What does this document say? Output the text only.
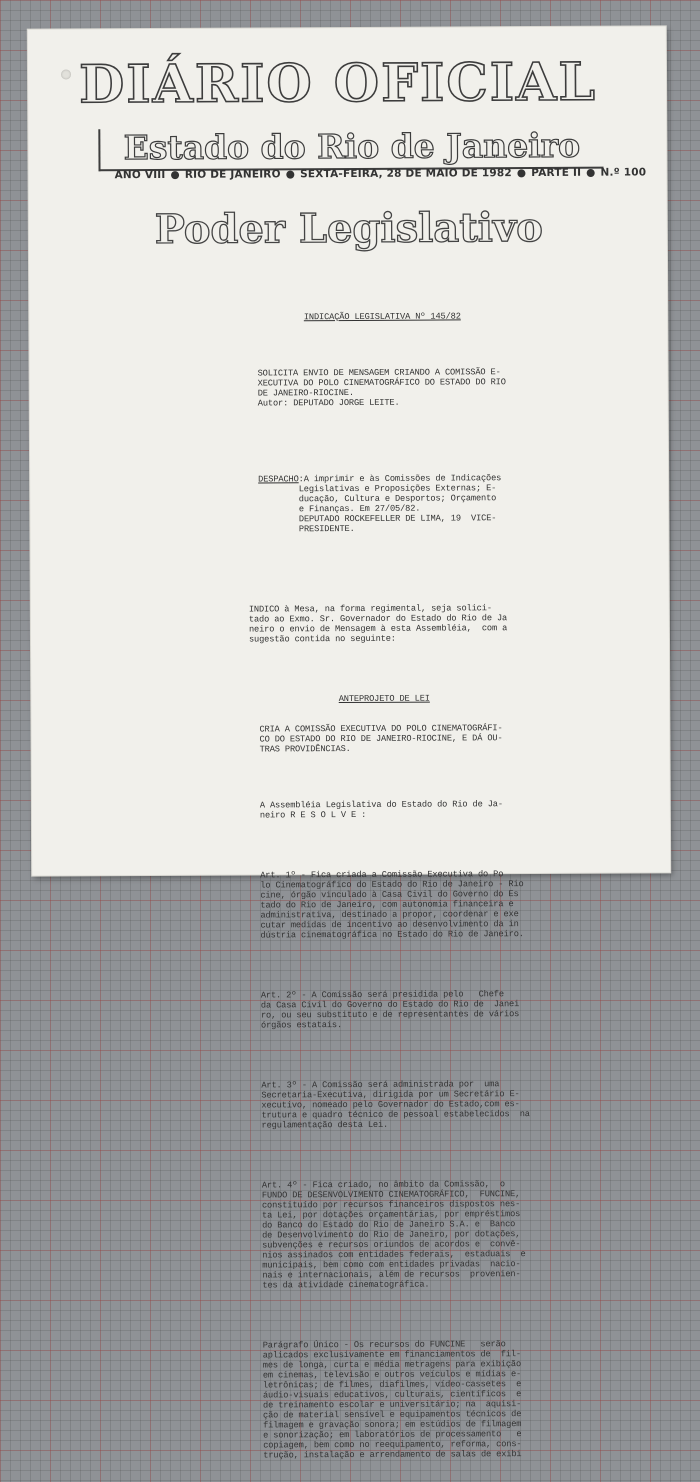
DIÁRIO OFICIAL
Estado do Rio de Janeiro
ANO VIII ● RIO DE JANEIRO ● SEXTA-FEIRA, 28 DE MAIO DE 1982 ● PARTE II ● N.º 100
Poder Legislativo

INDICAÇÃO LEGISLATIVA Nº 145/82

SOLICITA ENVIO DE MENSAGEM CRIANDO A COMISSÃO E-
XECUTIVA DO POLO CINEMATOGRÁFICO DO ESTADO DO RIO
DE JANEIRO-RIOCINE.
Autor: DEPUTADO JORGE LEITE.

DESPACHO :A imprimir e às Comissões de Indicações
Legislativas e Proposições Externas; E-
ducação, Cultura e Desportos; Orçamento
e Finanças. Em 27/05/82.
DEPUTADO ROCKEFELLER DE LIMA, 19  VICE-
PRESIDENTE.

INDICO à Mesa, na forma regimental, seja solici-
tado ao Exmo. Sr. Governador do Estado do Rio de Ja
neiro o envio de Mensagem à esta Assembléia,  com a
sugestão contida no seguinte:

ANTEPROJETO DE LEI

CRIA A COMISSÃO EXECUTIVA DO POLO CINEMATOGRÁFI-
CO DO ESTADO DO RIO DE JANEIRO-RIOCINE, E DÁ OU-
TRAS PROVIDÊNCIAS.

A Assembléia Legislativa do Estado do Rio de Ja-
neiro R E S O L V E :

Art. 1º - Fica criada a Comissão Executiva do Po
lo Cinematográfico do Estado do Rio de Janeiro - Rio
cine, órgão vinculado à Casa Civil do Governo do Es
tado do Rio de Janeiro, com autonomia financeira e
administrativa, destinado a propor, coordenar e exe
cutar medidas de incentivo ao desenvolvimento da in
dústria cinematográfica no Estado do Rio de Janeiro.

Art. 2º - A Comissão será presidida pelo   Chefe
da Casa Civil do Governo do Estado do Rio de  Janei
ro, ou seu substituto e de representantes de vários
órgãos estatais.

Art. 3º - A Comissão será administrada por  uma
Secretaria-Executiva, dirigida por um Secretário E-
xecutivo, nomeado pelo Governador do Estado,com es-
trutura e quadro técnico de pessoal estabelecidos  na
regulamentação desta Lei.

Art. 4º - Fica criado, no âmbito da Comissão,  o
FUNDO DE DESENVOLVIMENTO CINEMATOGRÁFICO,  FUNCINE,
constituído por recursos financeiros dispostos nes-
ta Lei, por dotações orçamentárias, por empréstimos
do Banco do Estado do Rio de Janeiro S.A. e  Banco
de Desenvolvimento do Rio de Janeiro, por dotações,
subvenções e recursos oriundos de acordos e  convê-
nios assinados com entidades federais,  estaduais  e
municipais, bem como com entidades privadas  nacio-
nais e internacionais, além de recursos  provenien-
tes da atividade cinematográfica.

Parágrafo Único - Os recursos do FUNCINE   serão
aplicados exclusivamente em financiamentos de  fil-
mes de longa, curta e média metragens para exibição
em cinemas, televisão e outros veículos e mídias e-
letrônicas; de filmes, diafilmes, vídeo-cassetes  e
áudio-visuais educativos, culturais, científicos  e
de treinamento escolar e universitário; na  aquisi-
ção de material sensível e equipamentos técnicos de
filmagem e gravação sonora; em estúdios de filmagem
e sonorização; em laboratórios de processamento   e
copiagem, bem como no reequipamento, reforma, cons-
trução, instalação e arrendamento de salas de exibi
